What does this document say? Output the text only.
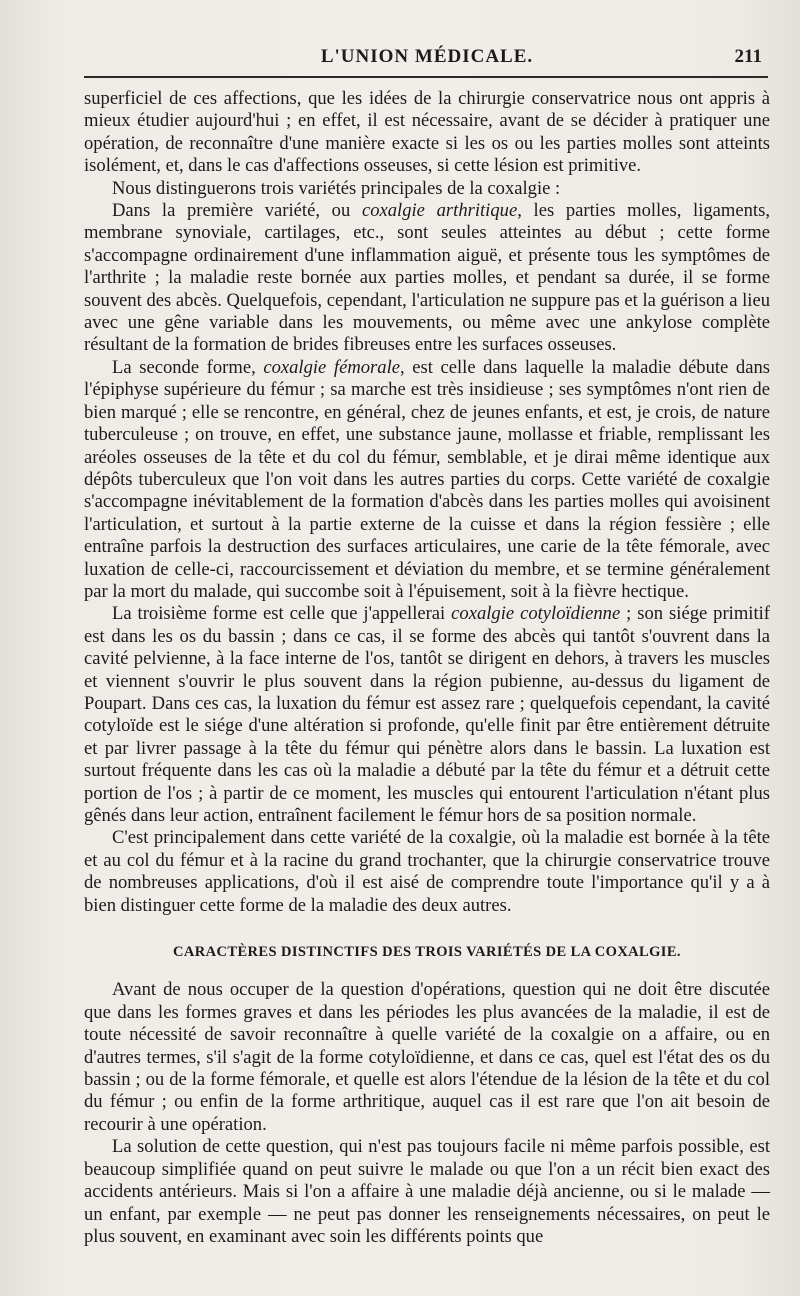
L'UNION MÉDICALE.	211

superficiel de ces affections, que les idées de la chirurgie conservatrice nous ont appris à mieux étudier aujourd'hui ; en effet, il est nécessaire, avant de se décider à pratiquer une opération, de reconnaître d'une manière exacte si les os ou les parties molles sont atteints isolément, et, dans le cas d'affections osseuses, si cette lésion est primitive.

Nous distinguerons trois variétés principales de la coxalgie :

Dans la première variété, ou coxalgie arthritique, les parties molles, ligaments, membrane synoviale, cartilages, etc., sont seules atteintes au début ; cette forme s'accompagne ordinairement d'une inflammation aiguë, et présente tous les symptômes de l'arthrite ; la maladie reste bornée aux parties molles, et pendant sa durée, il se forme souvent des abcès. Quelquefois, cependant, l'articulation ne suppure pas et la guérison a lieu avec une gêne variable dans les mouvements, ou même avec une ankylose complète résultant de la formation de brides fibreuses entre les surfaces osseuses.

La seconde forme, coxalgie fémorale, est celle dans laquelle la maladie débute dans l'épiphyse supérieure du fémur ; sa marche est très insidieuse ; ses symptômes n'ont rien de bien marqué ; elle se rencontre, en général, chez de jeunes enfants, et est, je crois, de nature tuberculeuse ; on trouve, en effet, une substance jaune, mollasse et friable, remplissant les aréoles osseuses de la tête et du col du fémur, semblable, et je dirai même identique aux dépôts tuberculeux que l'on voit dans les autres parties du corps. Cette variété de coxalgie s'accompagne inévitablement de la formation d'abcès dans les parties molles qui avoisinent l'articulation, et surtout à la partie externe de la cuisse et dans la région fessière ; elle entraîne parfois la destruction des surfaces articulaires, une carie de la tête fémorale, avec luxation de celle-ci, raccourcissement et déviation du membre, et se termine généralement par la mort du malade, qui succombe soit à l'épuisement, soit à la fièvre hectique.

La troisième forme est celle que j'appellerai coxalgie cotyloïdienne ; son siége primitif est dans les os du bassin ; dans ce cas, il se forme des abcès qui tantôt s'ouvrent dans la cavité pelvienne, à la face interne de l'os, tantôt se dirigent en dehors, à travers les muscles et viennent s'ouvrir le plus souvent dans la région pubienne, au-dessus du ligament de Poupart. Dans ces cas, la luxation du fémur est assez rare ; quelquefois cependant, la cavité cotyloïde est le siége d'une altération si profonde, qu'elle finit par être entièrement détruite et par livrer passage à la tête du fémur qui pénètre alors dans le bassin. La luxation est surtout fréquente dans les cas où la maladie a débuté par la tête du fémur et a détruit cette portion de l'os ; à partir de ce moment, les muscles qui entourent l'articulation n'étant plus gênés dans leur action, entraînent facilement le fémur hors de sa position normale.

C'est principalement dans cette variété de la coxalgie, où la maladie est bornée à la tête et au col du fémur et à la racine du grand trochanter, que la chirurgie conservatrice trouve de nombreuses applications, d'où il est aisé de comprendre toute l'importance qu'il y a à bien distinguer cette forme de la maladie des deux autres.

CARACTÈRES DISTINCTIFS DES TROIS VARIÉTÉS DE LA COXALGIE.

Avant de nous occuper de la question d'opérations, question qui ne doit être discutée que dans les formes graves et dans les périodes les plus avancées de la maladie, il est de toute nécessité de savoir reconnaître à quelle variété de la coxalgie on a affaire, ou en d'autres termes, s'il s'agit de la forme cotyloïdienne, et dans ce cas, quel est l'état des os du bassin ; ou de la forme fémorale, et quelle est alors l'étendue de la lésion de la tête et du col du fémur ; ou enfin de la forme arthritique, auquel cas il est rare que l'on ait besoin de recourir à une opération.

La solution de cette question, qui n'est pas toujours facile ni même parfois possible, est beaucoup simplifiée quand on peut suivre le malade ou que l'on a un récit bien exact des accidents antérieurs. Mais si l'on a affaire à une maladie déjà ancienne, ou si le malade — un enfant, par exemple — ne peut pas donner les renseignements nécessaires, on peut le plus souvent, en examinant avec soin les différents points que
